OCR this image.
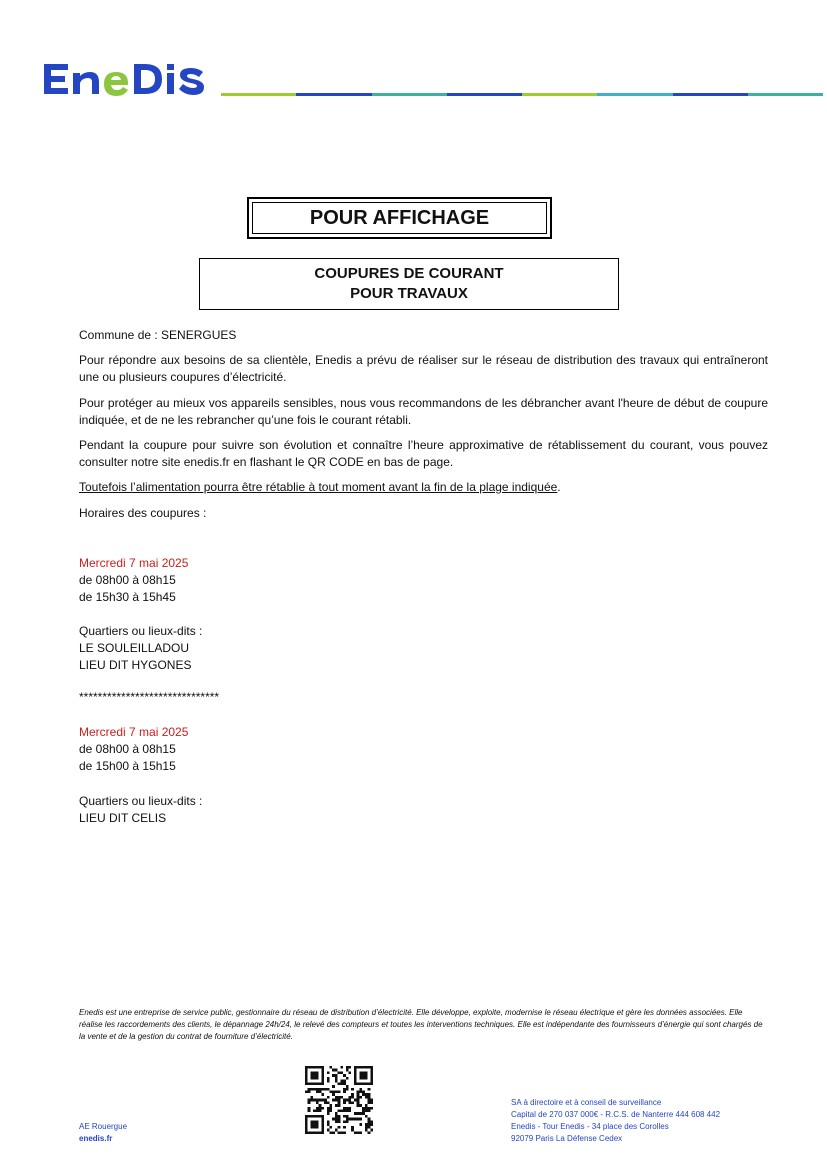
POUR AFFICHAGE
COUPURES DE COURANT
POUR TRAVAUX
Commune de : SENERGUES
Pour répondre aux besoins de sa clientèle, Enedis a prévu de réaliser sur le réseau de distribution des travaux qui entraîneront une ou plusieurs coupures d’électricité.
Pour protéger au mieux vos appareils sensibles, nous vous recommandons de les débrancher avant l'heure de début de coupure indiquée, et de ne les rebrancher qu’une fois le courant rétabli.
Pendant la coupure pour suivre son évolution et connaître l’heure approximative de rétablissement du courant, vous pouvez consulter notre site enedis.fr en flashant le QR CODE en bas de page.
Toutefois l’alimentation pourra être rétablie à tout moment avant la fin de la plage indiquée.
Horaires des coupures :
Mercredi 7 mai 2025
de 08h00 à 08h15
de 15h30 à 15h45
Quartiers ou lieux-dits :
LE SOULEILLADOU
LIEU DIT HYGONES
******************************
Mercredi 7 mai 2025
de 08h00 à 08h15
de 15h00 à 15h15
Quartiers ou lieux-dits :
LIEU DIT CELIS
Enedis est une entreprise de service public, gestionnaire du réseau de distribution d’électricité. Elle développe, exploite, modernise le réseau électrique et gère les données associées. Elle réalise les raccordements des clients, le dépannage 24h/24, le relevé des compteurs et toutes les interventions techniques. Elle est indépendante des fournisseurs d’énergie qui sont chargés de la vente et de la gestion du contrat de fourniture d’électricité.
AE Rouergue
enedis.fr
SA à directoire et à conseil de surveillance
Capital de 270 037 000€ - R.C.S. de Nanterre 444 608 442
Enedis - Tour Enedis - 34 place des Corolles
92079 Paris La Défense Cedex
